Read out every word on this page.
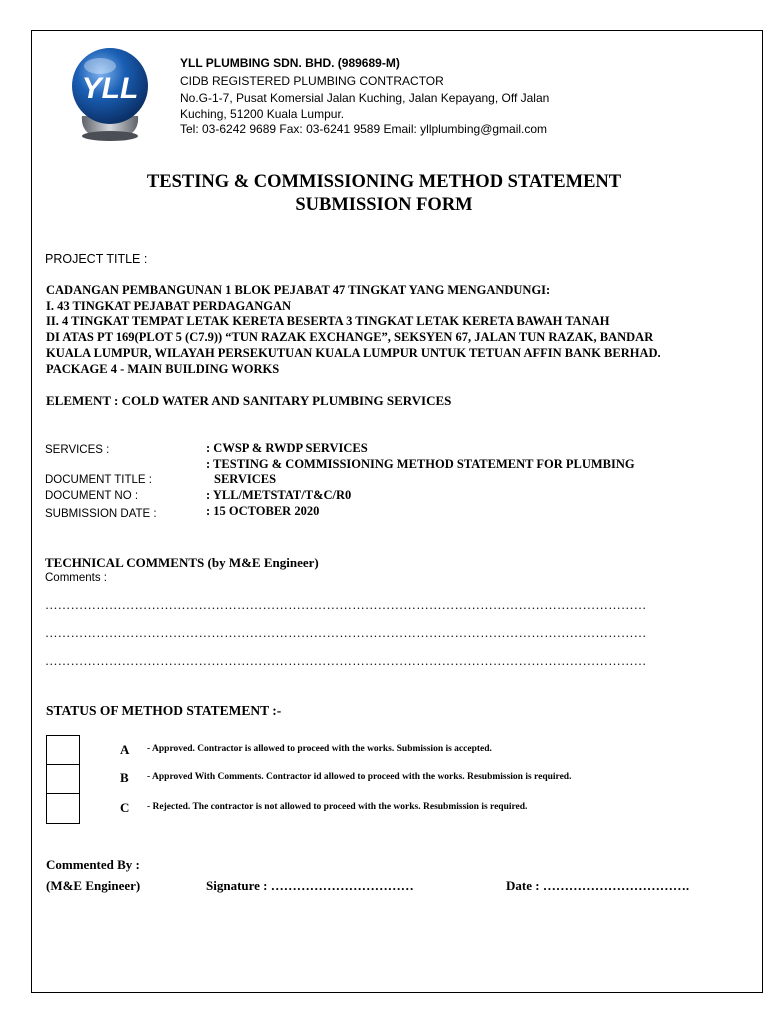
YLL
YLL PLUMBING SDN. BHD. (989689-M)
CIDB REGISTERED PLUMBING CONTRACTOR
No.G-1-7, Pusat Komersial Jalan Kuching, Jalan Kepayang, Off Jalan
Kuching, 51200 Kuala Lumpur.
Tel: 03-6242 9689 Fax: 03-6241 9589 Email: yllplumbing@gmail.com
TESTING & COMMISSIONING METHOD STATEMENT
SUBMISSION FORM
PROJECT TITLE :
CADANGAN PEMBANGUNAN 1 BLOK PEJABAT 47 TINGKAT YANG MENGANDUNGI:
I. 43 TINGKAT PEJABAT PERDAGANGAN
II. 4 TINGKAT TEMPAT LETAK KERETA BESERTA 3 TINGKAT LETAK KERETA BAWAH TANAH
DI ATAS PT 169(PLOT 5 (C7.9)) “TUN RAZAK EXCHANGE”, SEKSYEN 67, JALAN TUN RAZAK, BANDAR
KUALA LUMPUR, WILAYAH PERSEKUTUAN KUALA LUMPUR UNTUK TETUAN AFFIN BANK BERHAD.
PACKAGE 4 - MAIN BUILDING WORKS
ELEMENT : COLD WATER AND SANITARY PLUMBING SERVICES
SERVICES :	: CWSP & RWDP SERVICES
DOCUMENT TITLE :
: TESTING & COMMISSIONING METHOD STATEMENT FOR PLUMBING
SERVICES
DOCUMENT NO :	: YLL/METSTAT/T&C/R0
SUBMISSION DATE :	: 15 OCTOBER 2020
TECHNICAL COMMENTS (by M&E Engineer)
Comments :
……………………………………………………………………………………………………………………………
……………………………………………………………………………………………………………………………
……………………………………………………………………………………………………………………………
STATUS OF METHOD STATEMENT :-
A - Approved. Contractor is allowed to proceed with the works. Submission is accepted.
B - Approved With Comments. Contractor id allowed to proceed with the works. Resubmission is required.
C - Rejected. The contractor is not allowed to proceed with the works. Resubmission is required.
Commented By :
(M&E Engineer)	Signature : ……………………………	Date : …………………………….
